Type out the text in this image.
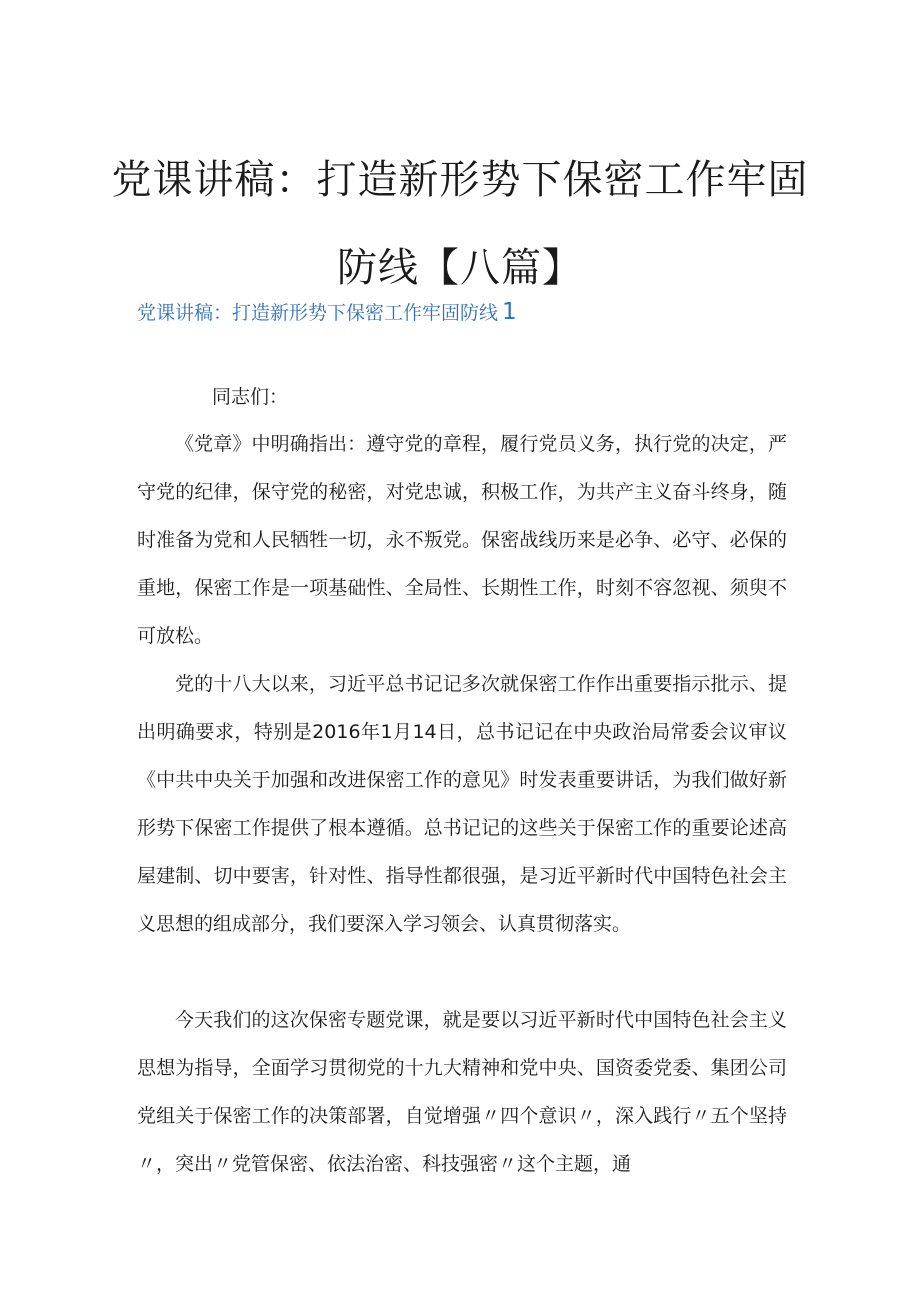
党课讲稿：打造新形势下保密工作牢固
防线【八篇】
党课讲稿：打造新形势下保密工作牢固防线 1
同志们：

《党章》中明确指出：遵守党的章程，履行党员义务，执行党的决定，严守党的纪律，保守党的秘密，对党忠诚，积极工作，为共产主义奋斗终身，随时准备为党和人民牺牲一切，永不叛党。保密战线历来是必争、必守、必保的重地，保密工作是一项基础性、全局性、长期性工作，时刻不容忽视、须臾不可放松。

党的十八大以来，习近平总书记记多次就保密工作作出重要指示批示、提出明确要求，特别是2016年1月14日，总书记记在中央政治局常委会议审议《中共中央关于加强和改进保密工作的意见》时发表重要讲话，为我们做好新形势下保密工作提供了根本遵循。总书记记的这些关于保密工作的重要论述高屋建制、切中要害，针对性、指导性都很强，是习近平新时代中国特色社会主义思想的组成部分，我们要深入学习领会、认真贯彻落实。

今天我们的这次保密专题党课，就是要以习近平新时代中国特色社会主义思想为指导，全面学习贯彻党的十九大精神和党中央、国资委党委、集团公司党组关于保密工作的决策部署，自觉增强〃四个意识〃，深入践行〃五个坚持〃，突出〃党管保密、依法治密、科技强密〃这个主题，通
